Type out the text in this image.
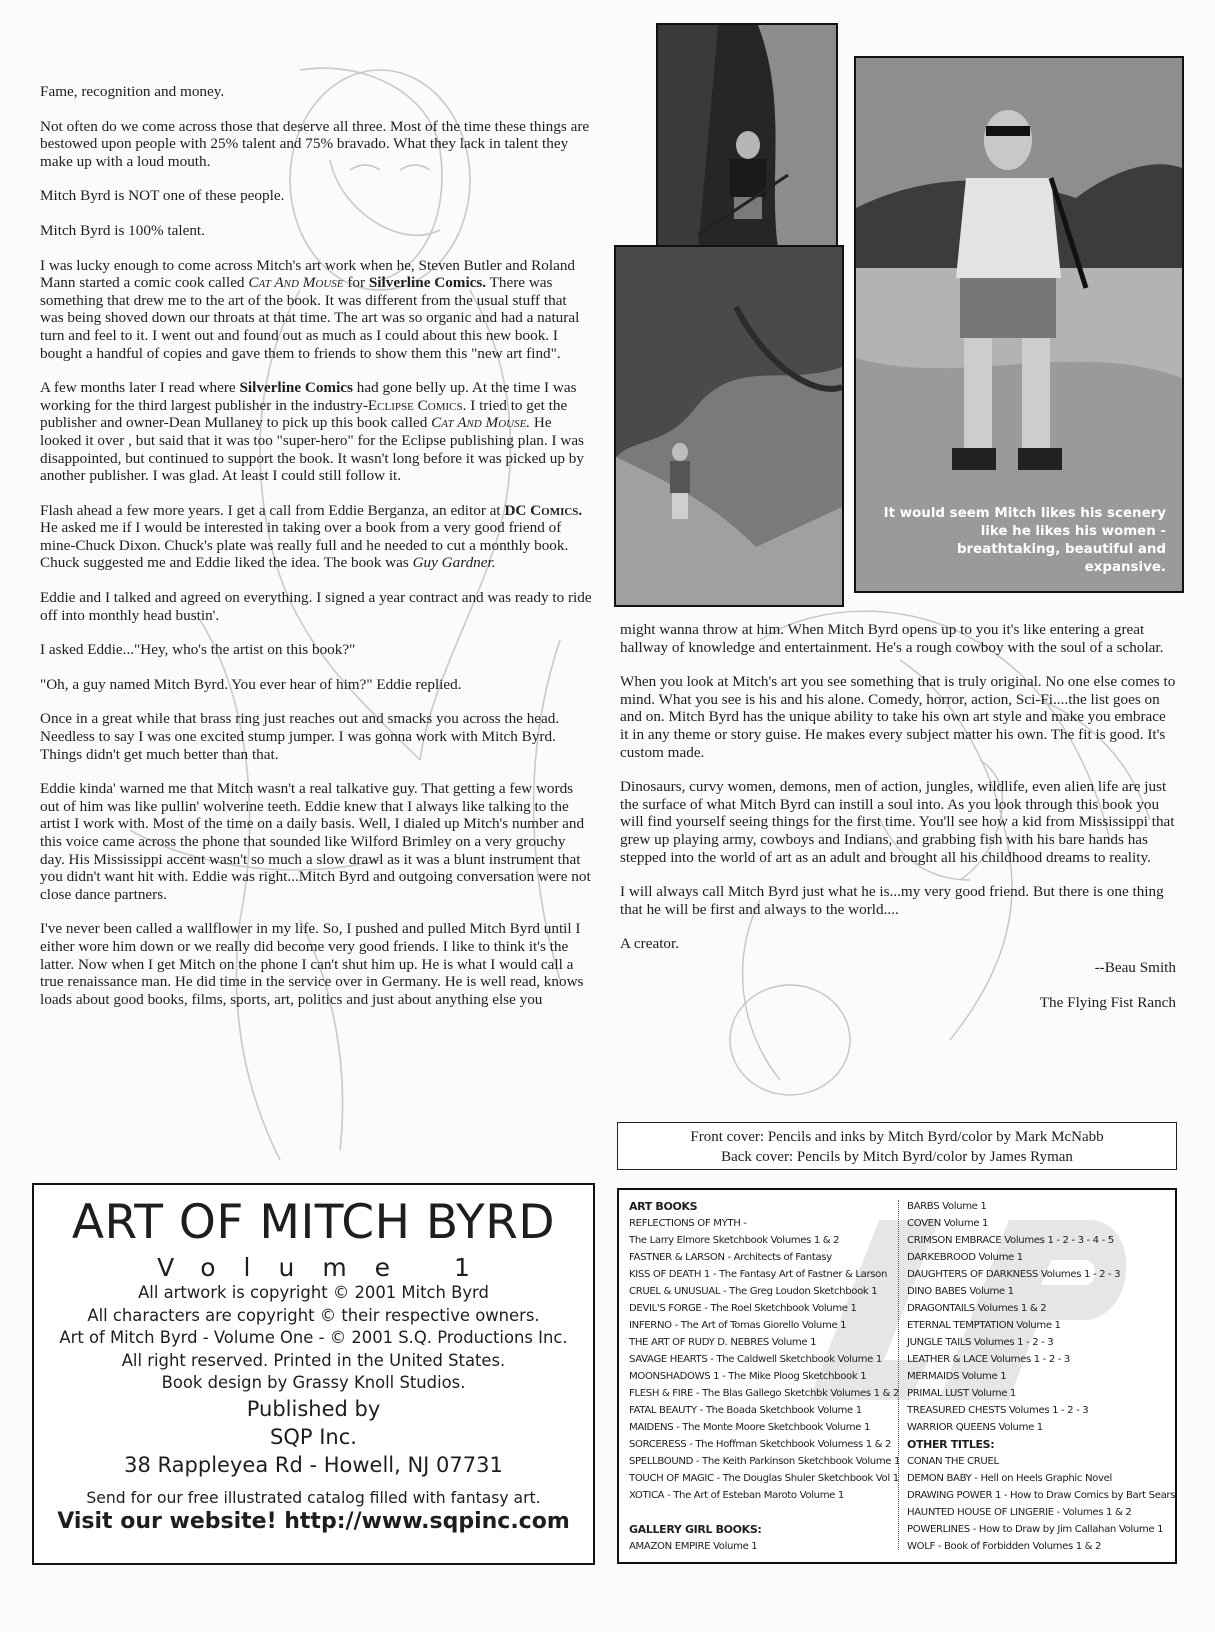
Fame, recognition and money.

Not often do we come across those that deserve all three. Most of the time these things are bestowed upon people with 25% talent and 75% bravado. What they lack in talent they make up with a loud mouth.

Mitch Byrd is NOT one of these people.

Mitch Byrd is 100% talent.

I was lucky enough to come across Mitch's art work when he, Steven Butler and Roland Mann started a comic cook called Cat And Mouse for Silverline Comics. There was something that drew me to the art of the book. It was different from the usual stuff that was being shoved down our throats at that time. The art was so organic and had a natural turn and feel to it. I went out and found out as much as I could about this new book. I bought a handful of copies and gave them to friends to show them this "new art find".

A few months later I read where Silverline Comics had gone belly up. At the time I was working for the third largest publisher in the industry-Eclipse Comics. I tried to get the publisher and owner-Dean Mullaney to pick up this book called Cat And Mouse. He looked it over , but said that it was too "super-hero" for the Eclipse publishing plan. I was disappointed, but continued to support the book. It wasn't long before it was picked up by another publisher. I was glad. At least I could still follow it.

Flash ahead a few more years. I get a call from Eddie Berganza, an editor at DC Comics. He asked me if I would be interested in taking over a book from a very good friend of mine-Chuck Dixon. Chuck's plate was really full and he needed to cut a monthly book. Chuck suggested me and Eddie liked the idea. The book was Guy Gardner.

Eddie and I talked and agreed on everything. I signed a year contract and was ready to ride off into monthly head bustin'.

I asked Eddie..."Hey, who's the artist on this book?"

"Oh, a guy named Mitch Byrd. You ever hear of him?" Eddie replied.

Once in a great while that brass ring just reaches out and smacks you across the head. Needless to say I was one excited stump jumper. I was gonna work with Mitch Byrd. Things didn't get much better than that.

Eddie kinda' warned me that Mitch wasn't a real talkative guy. That getting a few words out of him was like pullin' wolverine teeth. Eddie knew that I always like talking to the artist I work with. Most of the time on a daily basis. Well, I dialed up Mitch's number and this voice came across the phone that sounded like Wilford Brimley on a very grouchy day. His Mississippi accent wasn't so much a slow drawl as it was a blunt instrument that you didn't want hit with. Eddie was right...Mitch Byrd and outgoing conversation were not close dance partners.

I've never been called a wallflower in my life. So, I pushed and pulled Mitch Byrd until I either wore him down or we really did become very good friends. I like to think it's the latter. Now when I get Mitch on the phone I can't shut him up. He is what I would call a true renaissance man. He did time in the service over in Germany. He is well read, knows loads about good books, films, sports, art, politics and just about anything else you

It would seem Mitch likes his scenery like he likes his women - breathtaking, beautiful and expansive.

might wanna throw at him. When Mitch Byrd opens up to you it's like entering a great hallway of knowledge and entertainment. He's a rough cowboy with the soul of a scholar.

When you look at Mitch's art you see something that is truly original. No one else comes to mind. What you see is his and his alone. Comedy, horror, action, Sci-Fi....the list goes on and on. Mitch Byrd has the unique ability to take his own art style and make you embrace it in any theme or story guise. He makes every subject matter his own. The fit is good. It's custom made.

Dinosaurs, curvy women, demons, men of action, jungles, wildlife, even alien life are just the surface of what Mitch Byrd can instill a soul into. As you look through this book you will find yourself seeing things for the first time. You'll see how a kid from Mississippi that grew up playing army, cowboys and Indians, and grabbing fish with his bare hands has stepped into the world of art as an adult and brought all his childhood dreams to reality.

I will always call Mitch Byrd just what he is...my very good friend. But there is one thing that he will be first and always to the world....

A creator.

--Beau Smith

The Flying Fist Ranch

Front cover: Pencils and inks by Mitch Byrd/color by Mark McNabb
Back cover: Pencils by Mitch Byrd/color by James Ryman
ART OF MITCH BYRD
Volume 1
All artwork is copyright © 2001 Mitch Byrd
All characters are copyright © their respective owners.
Art of Mitch Byrd - Volume One - © 2001 S.Q. Productions Inc.
All right reserved. Printed in the United States.
Book design by Grassy Knoll Studios.
Published by
SQP Inc.
38 Rappleyea Rd - Howell, NJ 07731
Send for our free illustrated catalog filled with fantasy art.
Visit our website! http://www.sqpinc.com
ART BOOKS
REFLECTIONS OF MYTH -
The Larry Elmore Sketchbook Volumes 1 & 2
FASTNER & LARSON - Architects of Fantasy
KISS OF DEATH 1 - The Fantasy Art of Fastner & Larson
CRUEL & UNUSUAL - The Greg Loudon Sketchbook 1
DEVIL'S FORGE - The Roel Sketchbook Volume 1
INFERNO - The Art of Tomas Giorello Volume 1
THE ART OF RUDY D. NEBRES Volume 1
SAVAGE HEARTS - The Caldwell Sketchbook Volume 1
MOONSHADOWS 1 - The Mike Ploog Sketchbook 1
FLESH & FIRE - The Blas Gallego Sketchbk Volumes 1 & 2
FATAL BEAUTY - The Boada Sketchbook Volume 1
MAIDENS - The Monte Moore Sketchbook Volume 1
SORCERESS - The Hoffman Sketchbook Volumess 1 & 2
SPELLBOUND - The Keith Parkinson Sketchbook Volume 1
TOUCH OF MAGIC - The Douglas Shuler Sketchbook Vol 1
XOTICA - The Art of Esteban Maroto Volume 1
GALLERY GIRL BOOKS:
AMAZON EMPIRE Volume 1
BARBS Volume 1
COVEN Volume 1
CRIMSON EMBRACE Volumes 1 - 2 - 3 - 4 - 5
DARKEBROOD Volume 1
DAUGHTERS OF DARKNESS Volumes 1 - 2 - 3
DINO BABES Volume 1
DRAGONTAILS Volumes 1 & 2
ETERNAL TEMPTATION Volume 1
JUNGLE TAILS Volumes 1 - 2 - 3
LEATHER & LACE Volumes 1 - 2 - 3
MERMAIDS Volume 1
PRIMAL LUST Volume 1
TREASURED CHESTS Volumes 1 - 2 - 3
WARRIOR QUEENS Volume 1
OTHER TITLES:
CONAN THE CRUEL
DEMON BABY - Hell on Heels Graphic Novel
DRAWING POWER 1 - How to Draw Comics by Bart Sears
HAUNTED HOUSE OF LINGERIE - Volumes 1 & 2
POWERLINES - How to Draw by Jim Callahan Volume 1
WOLF - Book of Forbidden Volumes 1 & 2
